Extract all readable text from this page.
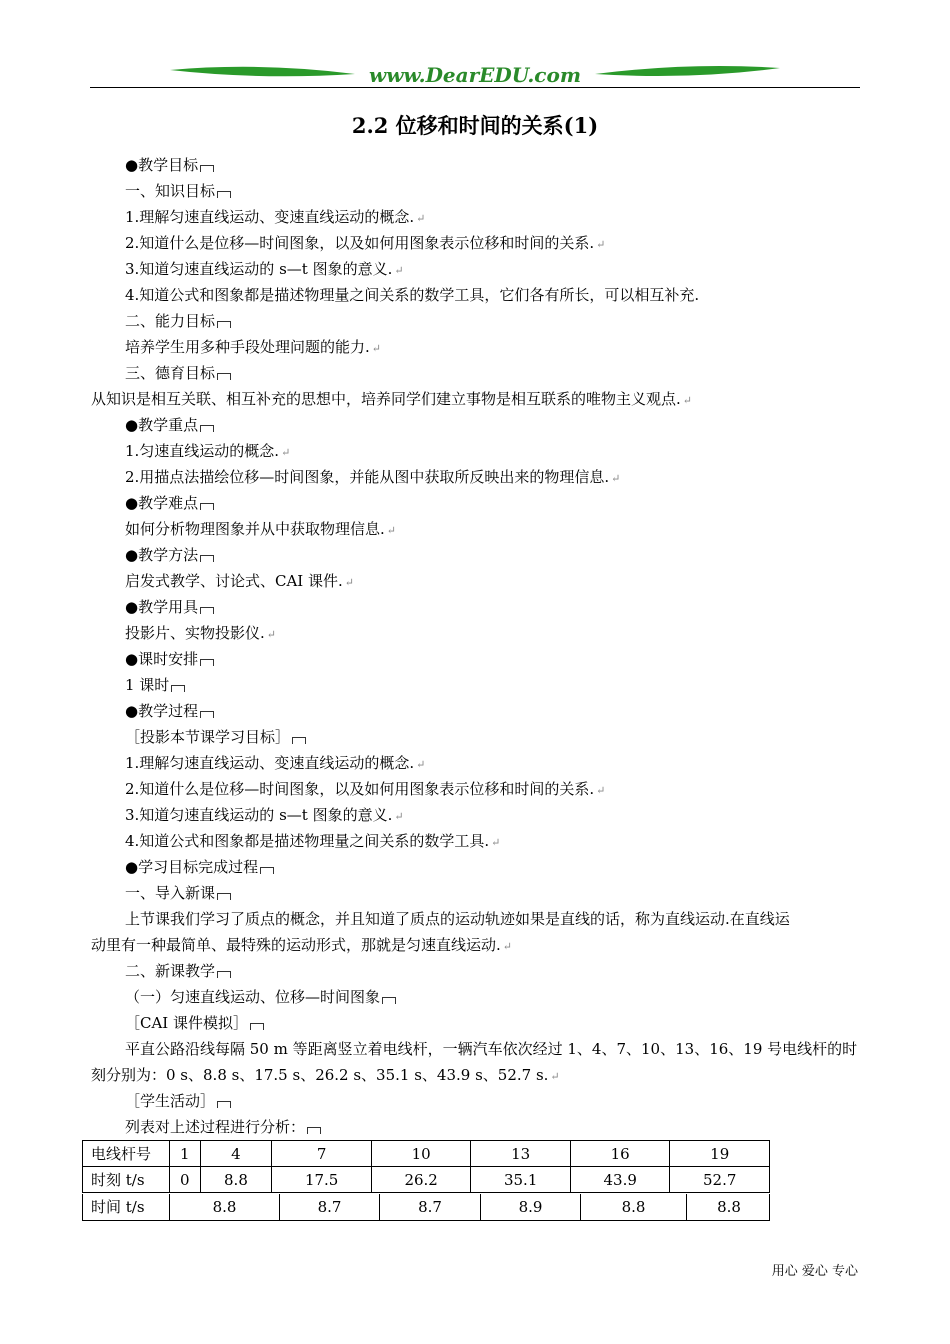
www.DearEDU.com
2.2 位移和时间的关系(1)
●教学目标
一、知识目标
1.理解匀速直线运动、变速直线运动的概念. ↵
2.知道什么是位移—时间图象，以及如何用图象表示位移和时间的关系. ↵
3.知道匀速直线运动的 s—t 图象的意义. ↵
4.知道公式和图象都是描述物理量之间关系的数学工具，它们各有所长，可以相互补充.
二、能力目标
培养学生用多种手段处理问题的能力. ↵
三、德育目标
从知识是相互关联、相互补充的思想中，培养同学们建立事物是相互联系的唯物主义观点. ↵
●教学重点
1.匀速直线运动的概念. ↵
2.用描点法描绘位移—时间图象，并能从图中获取所反映出来的物理信息. ↵
●教学难点
如何分析物理图象并从中获取物理信息. ↵
●教学方法
启发式教学、讨论式、CAI 课件. ↵
●教学用具
投影片、实物投影仪. ↵
●课时安排
1 课时
●教学过程
［投影本节课学习目标］
1.理解匀速直线运动、变速直线运动的概念. ↵
2.知道什么是位移—时间图象，以及如何用图象表示位移和时间的关系. ↵
3.知道匀速直线运动的 s—t 图象的意义. ↵
4.知道公式和图象都是描述物理量之间关系的数学工具. ↵
●学习目标完成过程
一、导入新课
上节课我们学习了质点的概念，并且知道了质点的运动轨迹如果是直线的话，称为直线运动.在直线运
动里有一种最简单、最特殊的运动形式，那就是匀速直线运动. ↵
二、新课教学
（一）匀速直线运动、位移—时间图象
［CAI 课件模拟］
平直公路沿线每隔 50 m 等距离竖立着电线杆，一辆汽车依次经过 1、4、7、10、13、16、19 号电线杆的时
刻分别为：0 s、8.8 s、17.5 s、26.2 s、35.1 s、43.9 s、52.7 s. ↵
［学生活动］
列表对上述过程进行分析：
电线杆号	1	4	7	10	13	16	19
时刻 t/s	0	8.8	17.5	26.2	35.1	43.9	52.7
时间 t/s	8.8	8.7	8.7	8.9	8.8	8.8
用心 爱心 专心
